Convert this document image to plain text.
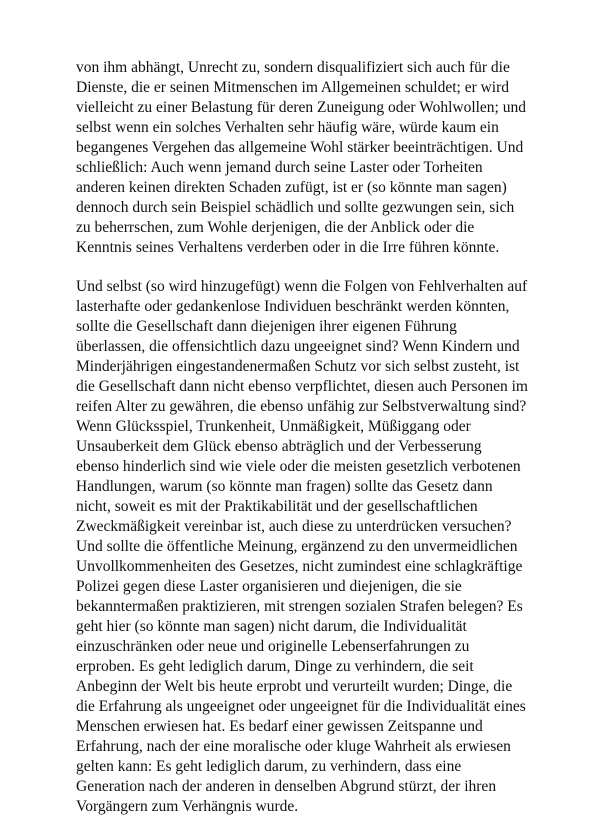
von ihm abhängt, Unrecht zu, sondern disqualifiziert sich auch für die Dienste, die er seinen Mitmenschen im Allgemeinen schuldet; er wird vielleicht zu einer Belastung für deren Zuneigung oder Wohlwollen; und selbst wenn ein solches Verhalten sehr häufig wäre, würde kaum ein begangenes Vergehen das allgemeine Wohl stärker beeinträchtigen. Und schließlich: Auch wenn jemand durch seine Laster oder Torheiten anderen keinen direkten Schaden zufügt, ist er (so könnte man sagen) dennoch durch sein Beispiel schädlich und sollte gezwungen sein, sich zu beherrschen, zum Wohle derjenigen, die der Anblick oder die Kenntnis seines Verhaltens verderben oder in die Irre führen könnte.

Und selbst (so wird hinzugefügt) wenn die Folgen von Fehlverhalten auf lasterhafte oder gedankenlose Individuen beschränkt werden könnten, sollte die Gesellschaft dann diejenigen ihrer eigenen Führung überlassen, die offensichtlich dazu ungeeignet sind? Wenn Kindern und Minderjährigen eingestandenermaßen Schutz vor sich selbst zusteht, ist die Gesellschaft dann nicht ebenso verpflichtet, diesen auch Personen im reifen Alter zu gewähren, die ebenso unfähig zur Selbstverwaltung sind? Wenn Glücksspiel, Trunkenheit, Unmäßigkeit, Müßiggang oder Unsauberkeit dem Glück ebenso abträglich und der Verbesserung ebenso hinderlich sind wie viele oder die meisten gesetzlich verbotenen Handlungen, warum (so könnte man fragen) sollte das Gesetz dann nicht, soweit es mit der Praktikabilität und der gesellschaftlichen Zweckmäßigkeit vereinbar ist, auch diese zu unterdrücken versuchen? Und sollte die öffentliche Meinung, ergänzend zu den unvermeidlichen Unvollkommenheiten des Gesetzes, nicht zumindest eine schlagkräftige Polizei gegen diese Laster organisieren und diejenigen, die sie bekanntermaßen praktizieren, mit strengen sozialen Strafen belegen? Es geht hier (so könnte man sagen) nicht darum, die Individualität einzuschränken oder neue und originelle Lebenserfahrungen zu erproben. Es geht lediglich darum, Dinge zu verhindern, die seit Anbeginn der Welt bis heute erprobt und verurteilt wurden; Dinge, die die Erfahrung als ungeeignet oder ungeeignet für die Individualität eines Menschen erwiesen hat. Es bedarf einer gewissen Zeitspanne und Erfahrung, nach der eine moralische oder kluge Wahrheit als erwiesen gelten kann: Es geht lediglich darum, zu verhindern, dass eine Generation nach der anderen in denselben Abgrund stürzt, der ihren Vorgängern zum Verhängnis wurde.
